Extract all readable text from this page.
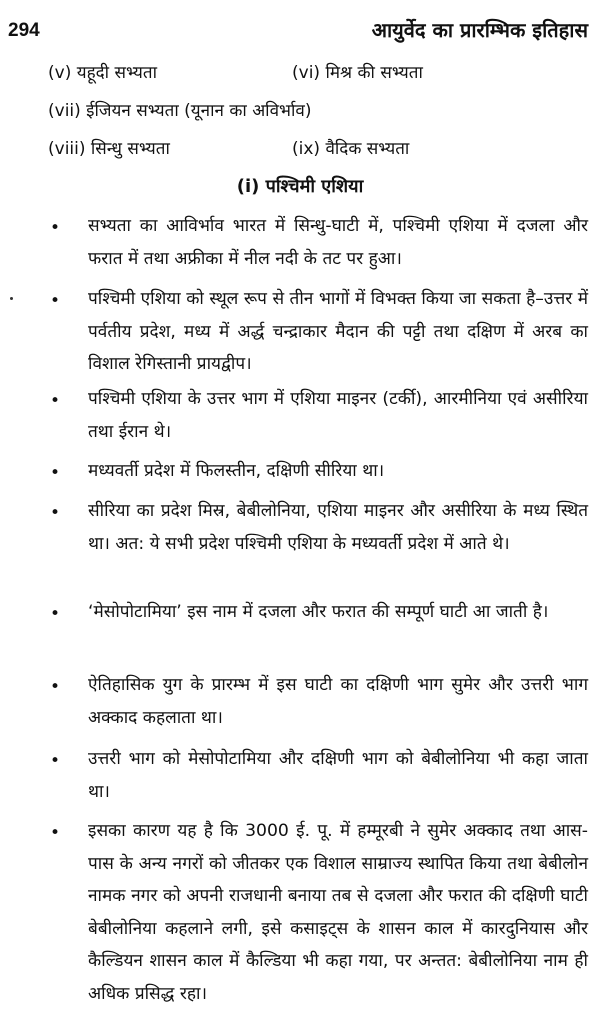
294	आयुर्वेद का प्रारम्भिक इतिहास
(v) यहूदी सभ्यता	(vi) मिश्र की सभ्यता
(vii) ईजियन सभ्यता (यूनान का अविर्भाव)
(viii) सिन्धु सभ्यता	(ix) वैदिक सभ्यता
(i) पश्चिमी एशिया
• सभ्यता का आविर्भाव भारत में सिन्धु-घाटी में, पश्चिमी एशिया में दजला और फरात में तथा अफ्रीका में नील नदी के तट पर हुआ।
• पश्चिमी एशिया को स्थूल रूप से तीन भागों में विभक्त किया जा सकता है–उत्तर में पर्वतीय प्रदेश, मध्य में अर्द्ध चन्द्राकार मैदान की पट्टी तथा दक्षिण में अरब का विशाल रेगिस्तानी प्रायद्वीप।
• पश्चिमी एशिया के उत्तर भाग में एशिया माइनर (टर्की), आरमीनिया एवं असीरिया तथा ईरान थे।
• मध्यवर्ती प्रदेश में फिलस्तीन, दक्षिणी सीरिया था।
• सीरिया का प्रदेश मिस्र, बेबीलोनिया, एशिया माइनर और असीरिया के मध्य स्थित था। अत: ये सभी प्रदेश पश्चिमी एशिया के मध्यवर्ती प्रदेश में आते थे।
• ‘मेसोपोटामिया’ इस नाम में दजला और फरात की सम्पूर्ण घाटी आ जाती है।
• ऐतिहासिक युग के प्रारम्भ में इस घाटी का दक्षिणी भाग सुमेर और उत्तरी भाग अक्काद कहलाता था।
• उत्तरी भाग को मेसोपोटामिया और दक्षिणी भाग को बेबीलोनिया भी कहा जाता था।
• इसका कारण यह है कि 3000 ई. पू. में हम्मूरबी ने सुमेर अक्काद तथा आस-पास के अन्य नगरों को जीतकर एक विशाल साम्राज्य स्थापित किया तथा बेबीलोन नामक नगर को अपनी राजधानी बनाया तब से दजला और फरात की दक्षिणी घाटी बेबीलोनिया कहलाने लगी, इसे कसाइट्स के शासन काल में कारदुनियास और कैल्डियन शासन काल में कैल्डिया भी कहा गया, पर अन्तत: बेबीलोनिया नाम ही अधिक प्रसिद्ध रहा।
